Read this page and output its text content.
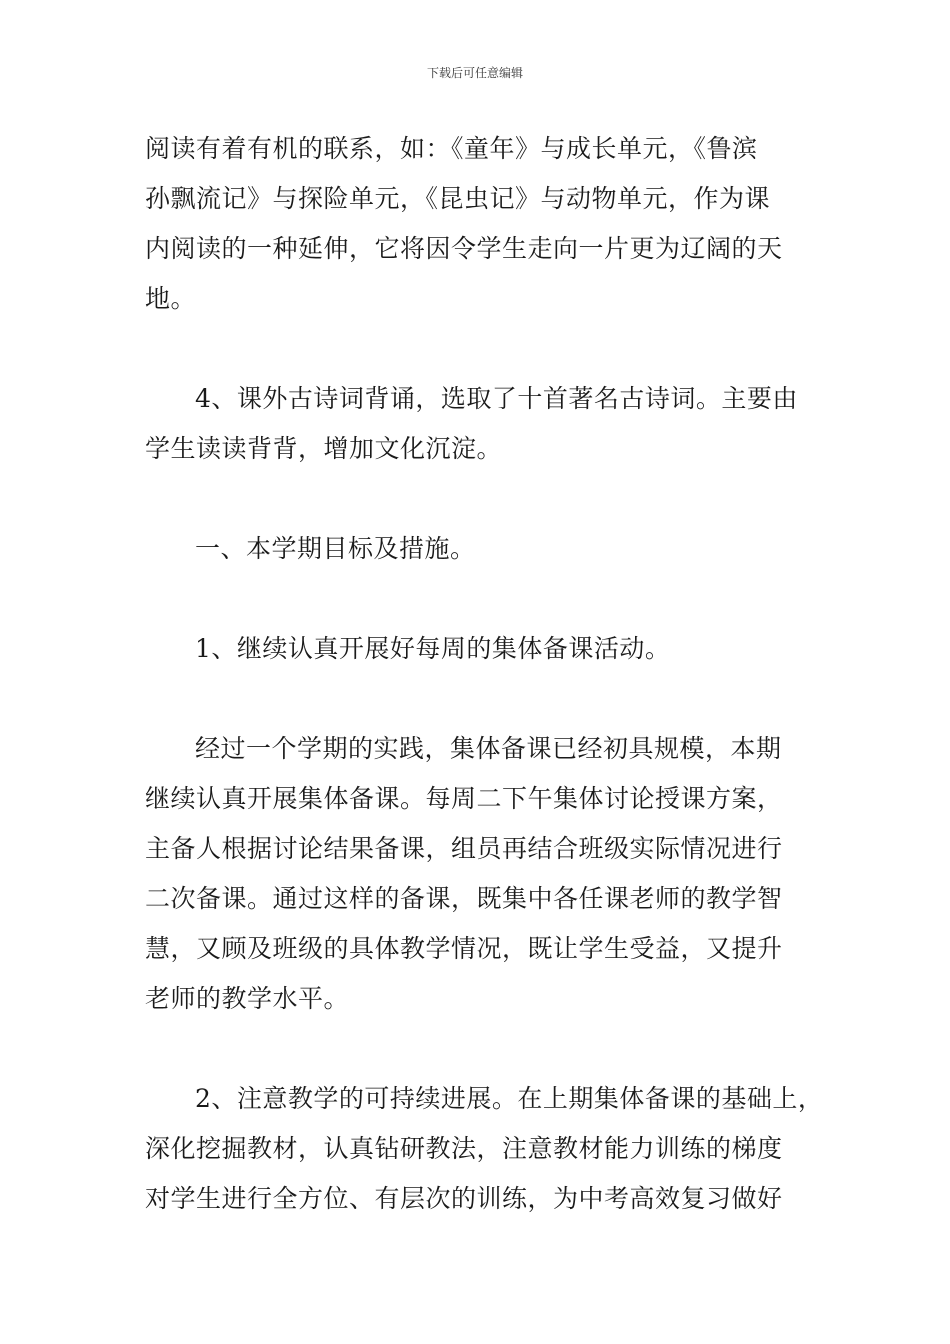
下载后可任意编辑

阅读有着有机的联系，如：《童年》与成长单元，《鲁滨
孙飘流记》与探险单元，《昆虫记》与动物单元，作为课
内阅读的一种延伸，它将因令学生走向一片更为辽阔的天
地。

4、课外古诗词背诵，选取了十首著名古诗词。主要由
学生读读背背，增加文化沉淀。

一、本学期目标及措施。

1、继续认真开展好每周的集体备课活动。

经过一个学期的实践，集体备课已经初具规模，本期
继续认真开展集体备课。每周二下午集体讨论授课方案，
主备人根据讨论结果备课，组员再结合班级实际情况进行
二次备课。通过这样的备课，既集中各任课老师的教学智
慧，又顾及班级的具体教学情况，既让学生受益，又提升
老师的教学水平。

2、注意教学的可持续进展。在上期集体备课的基础上，
深化挖掘教材，认真钻研教法，注意教材能力训练的梯度
对学生进行全方位、有层次的训练，为中考高效复习做好
